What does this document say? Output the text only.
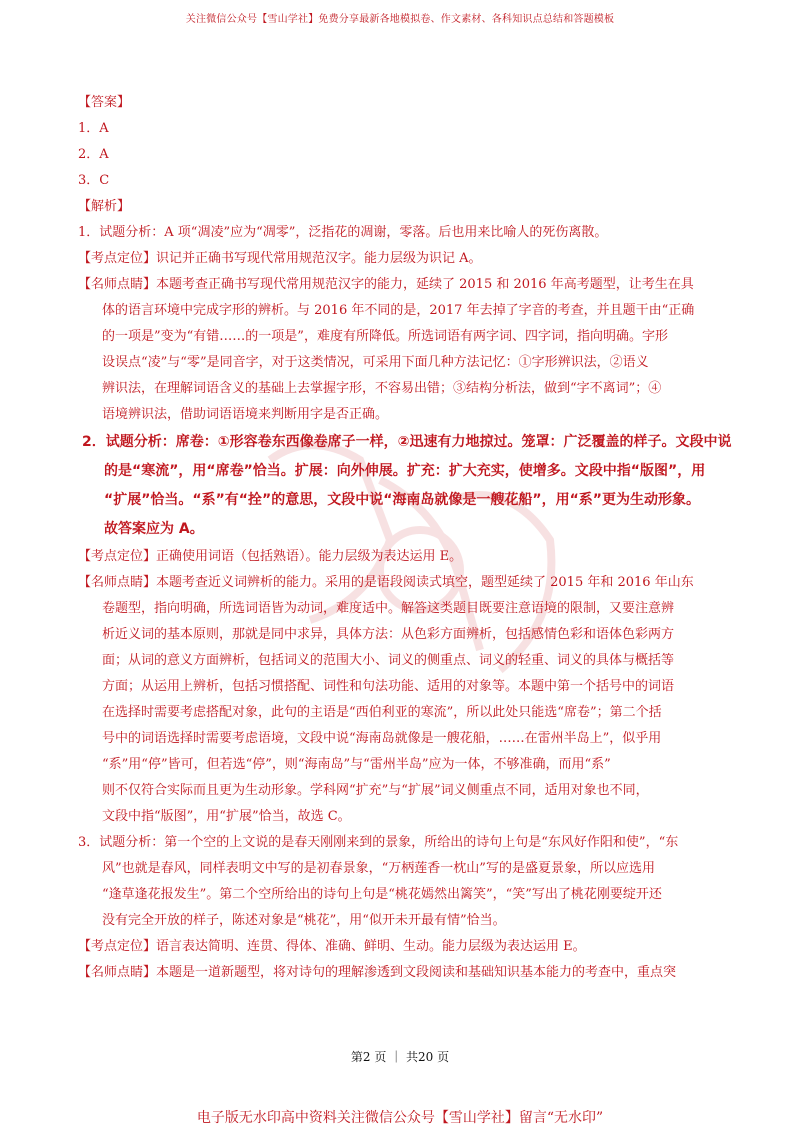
关注微信公众号【雪山学社】免费分享最新各地模拟卷、作文素材、各科知识点总结和答题模板
【答案】
1．A
2．A
3．C
【解析】
1．试题分析：A 项“凋凌”应为“凋零”，泛指花的凋谢，零落。后也用来比喻人的死伤离散。
【考点定位】识记并正确书写现代常用规范汉字。能力层级为识记 A。
【名师点睛】本题考查正确书写现代常用规范汉字的能力，延续了 2015 和 2016 年高考题型，让考生在具
体的语言环境中完成字形的辨析。与 2016 年不同的是，2017 年去掉了字音的考查，并且题干由“正确
的一项是”变为“有错……的一项是”，难度有所降低。所选词语有两字词、四字词，指向明确。字形
设误点“凌”与“零”是同音字，对于这类情况，可采用下面几种方法记忆：①字形辨识法，②语义
辨识法，在理解词语含义的基础上去掌握字形，不容易出错；③结构分析法，做到“字不离词”；④
语境辨识法，借助词语语境来判断用字是否正确。
2．试题分析：席卷：①形容卷东西像卷席子一样，②迅速有力地掠过。笼罩：广泛覆盖的样子。文段中说
的是“寒流”，用“席卷”恰当。扩展：向外伸展。扩充：扩大充实，使增多。文段中指“版图”，用
“扩展”恰当。“系”有“拴”的意思，文段中说“海南岛就像是一艘花船”，用“系”更为生动形象。
故答案应为 A。
【考点定位】正确使用词语（包括熟语）。能力层级为表达运用 E。
【名师点睛】本题考查近义词辨析的能力。采用的是语段阅读式填空，题型延续了 2015 年和 2016 年山东
卷题型，指向明确，所选词语皆为动词，难度适中。解答这类题目既要注意语境的限制，又要注意辨
析近义词的基本原则，那就是同中求异，具体方法：从色彩方面辨析，包括感情色彩和语体色彩两方
面；从词的意义方面辨析，包括词义的范围大小、词义的侧重点、词义的轻重、词义的具体与概括等
方面；从运用上辨析，包括习惯搭配、词性和句法功能、适用的对象等。本题中第一个括号中的词语
在选择时需要考虑搭配对象，此句的主语是“西伯利亚的寒流”，所以此处只能选“席卷”；第二个括
号中的词语选择时需要考虑语境，文段中说“海南岛就像是一艘花船，……在雷州半岛上”，似乎用
“系”用“停”皆可，但若选“停”，则“海南岛”与“雷州半岛”应为一体，不够准确，而用“系”
则不仅符合实际而且更为生动形象。学科网“扩充”与“扩展”词义侧重点不同，适用对象也不同，
文段中指“版图”，用“扩展”恰当，故选 C。
3．试题分析：第一个空的上文说的是春天刚刚来到的景象，所给出的诗句上句是“东风好作阳和使”，“东
风”也就是春风，同样表明文中写的是初春景象，“万柄莲香一枕山”写的是盛夏景象，所以应选用
“逢草逢花报发生”。第二个空所给出的诗句上句是“桃花嫣然出篱笑”，“笑”写出了桃花刚要绽开还
没有完全开放的样子，陈述对象是“桃花”，用“似开未开最有情”恰当。
【考点定位】语言表达简明、连贯、得体、准确、鲜明、生动。能力层级为表达运用 E。
【名师点睛】本题是一道新题型，将对诗句的理解渗透到文段阅读和基础知识基本能力的考查中，重点突
第2 页 ｜ 共20 页
电子版无水印高中资料关注微信公众号【雪山学社】留言“无水印”
